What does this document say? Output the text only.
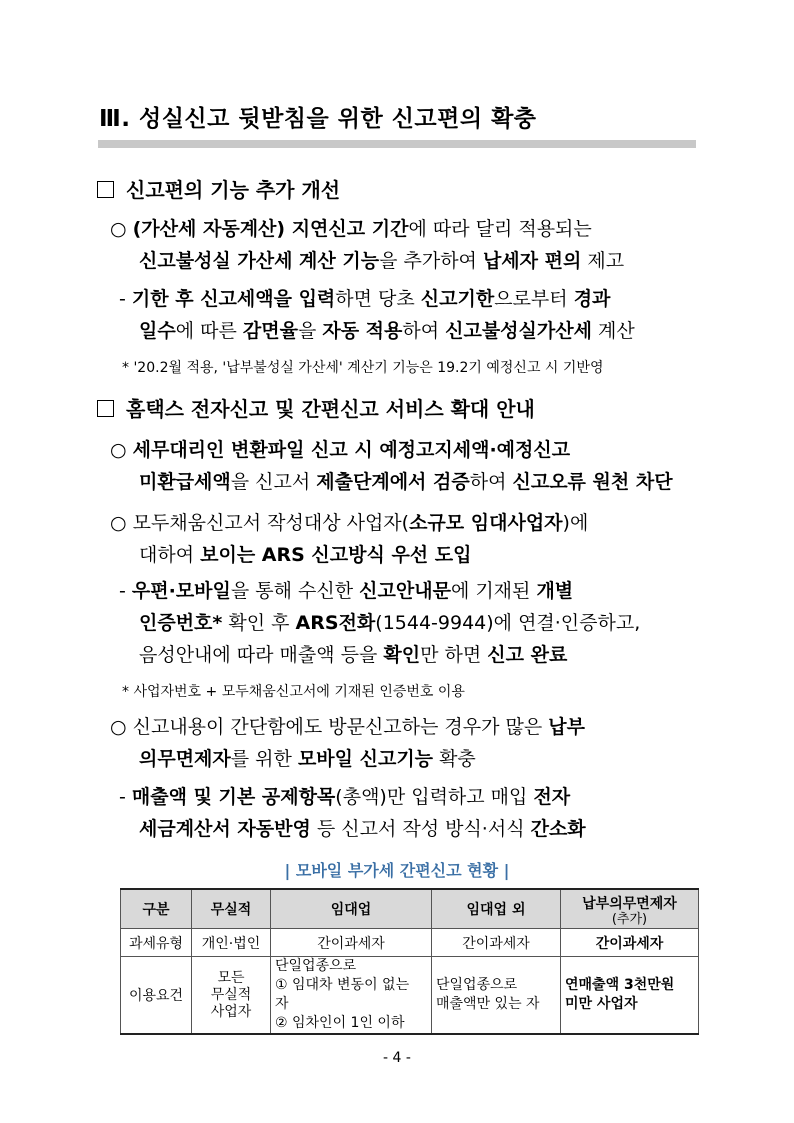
Ⅲ. 성실신고 뒷받침을 위한 신고편의 확충
신고편의 기능 추가 개선
○ (가산세 자동계산) 지연신고 기간에 따라 달리 적용되는
신고불성실 가산세 계산 기능을 추가하여 납세자 편의 제고
- 기한 후 신고세액을 입력하면 당초 신고기한으로부터 경과
일수에 따른 감면율을 자동 적용하여 신고불성실가산세 계산
* '20.2월 적용, '납부불성실 가산세' 계산기 기능은 19.2기 예정신고 시 기반영
홈택스 전자신고 및 간편신고 서비스 확대 안내
○ 세무대리인 변환파일 신고 시 예정고지세액·예정신고
미환급세액을 신고서 제출단계에서 검증하여 신고오류 원천 차단
○ 모두채움신고서 작성대상 사업자(소규모 임대사업자)에
대하여 보이는 ARS 신고방식 우선 도입
- 우편·모바일을 통해 수신한 신고안내문에 기재된 개별
인증번호* 확인 후 ARS전화(1544-9944)에 연결·인증하고,
음성안내에 따라 매출액 등을 확인만 하면 신고 완료
* 사업자번호 + 모두채움신고서에 기재된 인증번호 이용
○ 신고내용이 간단함에도 방문신고하는 경우가 많은 납부
의무면제자를 위한 모바일 신고기능 확충
- 매출액 및 기본 공제항목(총액)만 입력하고 매입 전자
세금계산서 자동반영 등 신고서 작성 방식·서식 간소화
| 모바일 부가세 간편신고 현황 |
구분	무실적	임대업	임대업 외	납부의무면제자
(추가)

과세유형	개인·법인	간이과세자	간이과세자	간이과세자
이용요건	모든
무실적
사업자	단일업종으로
① 임대차 변동이 없는 자
② 임차인이 1인 이하	단일업종으로
매출액만 있는 자	연매출액 3천만원
미만 사업자
- 4 -
